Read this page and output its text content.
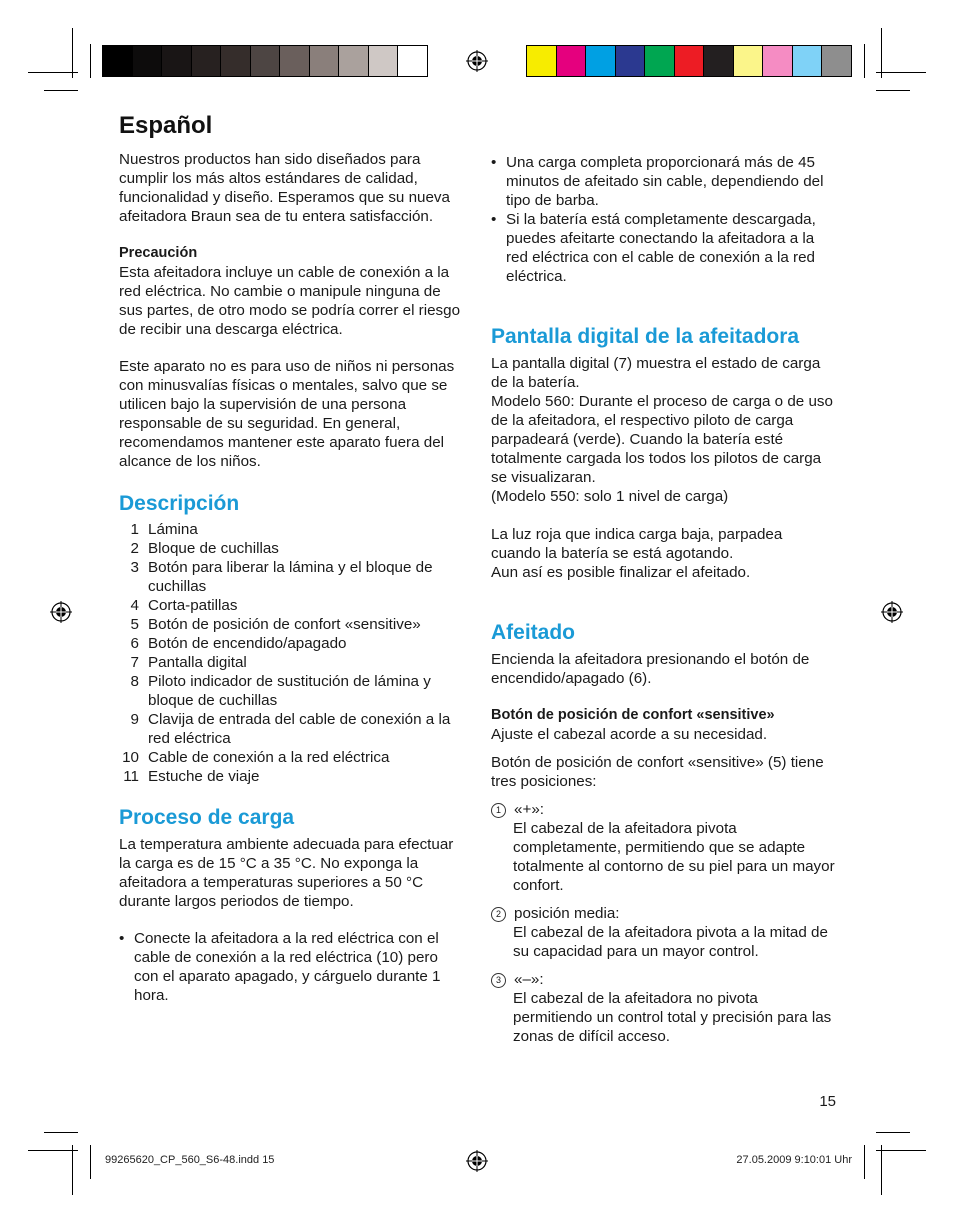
Español

Nuestros productos han sido diseñados para cumplir los más altos estándares de calidad, funcionalidad y diseño. Esperamos que su nueva afeitadora Braun sea de tu entera satisfacción.

Precaución

Esta afeitadora incluye un cable de conexión a la red eléctrica. No cambie o manipule ninguna de sus partes, de otro modo se podría correr el riesgo de recibir una descarga eléctrica.

Este aparato no es para uso de niños ni personas con minusvalías físicas o mentales, salvo que se utilicen bajo la supervisión de una persona responsable de su seguridad. En general, recomendamos mantener este aparato fuera del alcance de los niños.

Descripción
1 Lámina
2 Bloque de cuchillas
3 Botón para liberar la lámina y el bloque de cuchillas
4 Corta-patillas
5 Botón de posición de confort «sensitive»
6 Botón de encendido/apagado
7 Pantalla digital
8 Piloto indicador de sustitución de lámina y bloque de cuchillas
9 Clavija de entrada del cable de conexión a la red eléctrica
10 Cable de conexión a la red eléctrica
11 Estuche de viaje
Proceso de carga

La temperatura ambiente adecuada para efectuar la carga es de 15 °C a 35 °C. No exponga la afeitadora a temperaturas superiores a 50 °C durante largos periodos de tiempo.

• Conecte la afeitadora a la red eléctrica con el cable de conexión a la red eléctrica (10) pero con el aparato apagado, y cárguelo durante 1 hora.
• Una carga completa proporcionará más de 45 minutos de afeitado sin cable, dependiendo del tipo de barba.
• Si la batería está completamente descargada, puedes afeitarte conectando la afeitadora a la red eléctrica con el cable de conexión a la red eléctrica.
Pantalla digital de la afeitadora

La pantalla digital (7) muestra el estado de carga de la batería.

Modelo 560: Durante el proceso de carga o de uso de la afeitadora, el respectivo piloto de carga parpadeará (verde). Cuando la batería esté totalmente cargada los todos los pilotos de carga se visualizaran.

(Modelo 550: solo 1 nivel de carga)

La luz roja que indica carga baja, parpadea cuando la batería se está agotando.

Aun así es posible finalizar el afeitado.

Afeitado

Encienda la afeitadora presionando el botón de encendido/apagado (6).

Botón de posición de confort «sensitive»

Ajuste el cabezal acorde a su necesidad.

Botón de posición de confort «sensitive» (5) tiene tres posiciones:

1 «+»:
El cabezal de la afeitadora pivota completamente, permitiendo que se adapte totalmente al contorno de su piel para un mayor confort.
2 posición media:
El cabezal de la afeitadora pivota a la mitad de su capacidad para un mayor control.
3 «–»:
El cabezal de la afeitadora no pivota permitiendo un control total y precisión para las zonas de difícil acceso.
15
99265620_CP_560_S6-48.indd 15	27.05.2009 9:10:01 Uhr
